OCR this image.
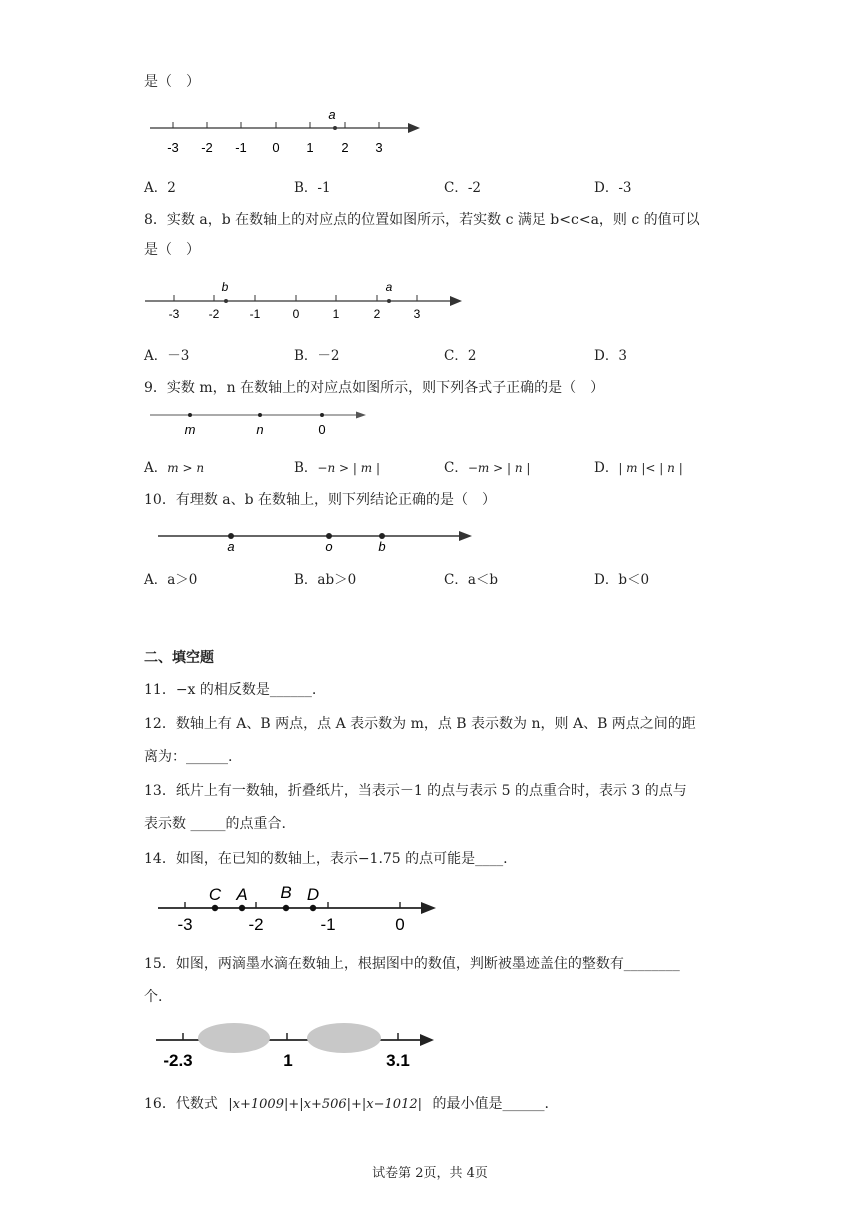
是（　）
-3 -2 -1 0 1 2 3
a
A．2	B．-1	C．-2	D．-3
8．实数 a，b 在数轴上的对应点的位置如图所示，若实数 c 满足 b<c<a，则 c 的值可以
是（　）
-3 -2	-1	0	1	2	3
b	a
A．－3	B．－2	C．2	D．3
9．实数 m，n 在数轴上的对应点如图所示，则下列各式子正确的是（　）
m	n	0
A．m > n	B．−n > | m |	C．−m > | n |	D．| m |< | n |
10．有理数 a、b 在数轴上，则下列结论正确的是（　）
a	o	b
A．a＞0	B．ab＞0	C．a＜b	D．b＜0
二、填空题
11．−x 的相反数是______.
12．数轴上有 A、B 两点，点 A 表示数为 m，点 B 表示数为 n，则 A、B 两点之间的距
离为：______.
13．纸片上有一数轴，折叠纸片，当表示－1 的点与表示 5 的点重合时，表示 3 的点与
表示数 _____的点重合.
14．如图，在已知的数轴上，表示−1.75 的点可能是____.
-3	-2	-1	0
C A B D
15．如图，两滴墨水滴在数轴上，根据图中的数值，判断被墨迹盖住的整数有________
个.
-2.3	1	3.1
16．代数式 |x+1009|+|x+506|+|x−1012| 的最小值是______.
试卷第 2页，共 4页
